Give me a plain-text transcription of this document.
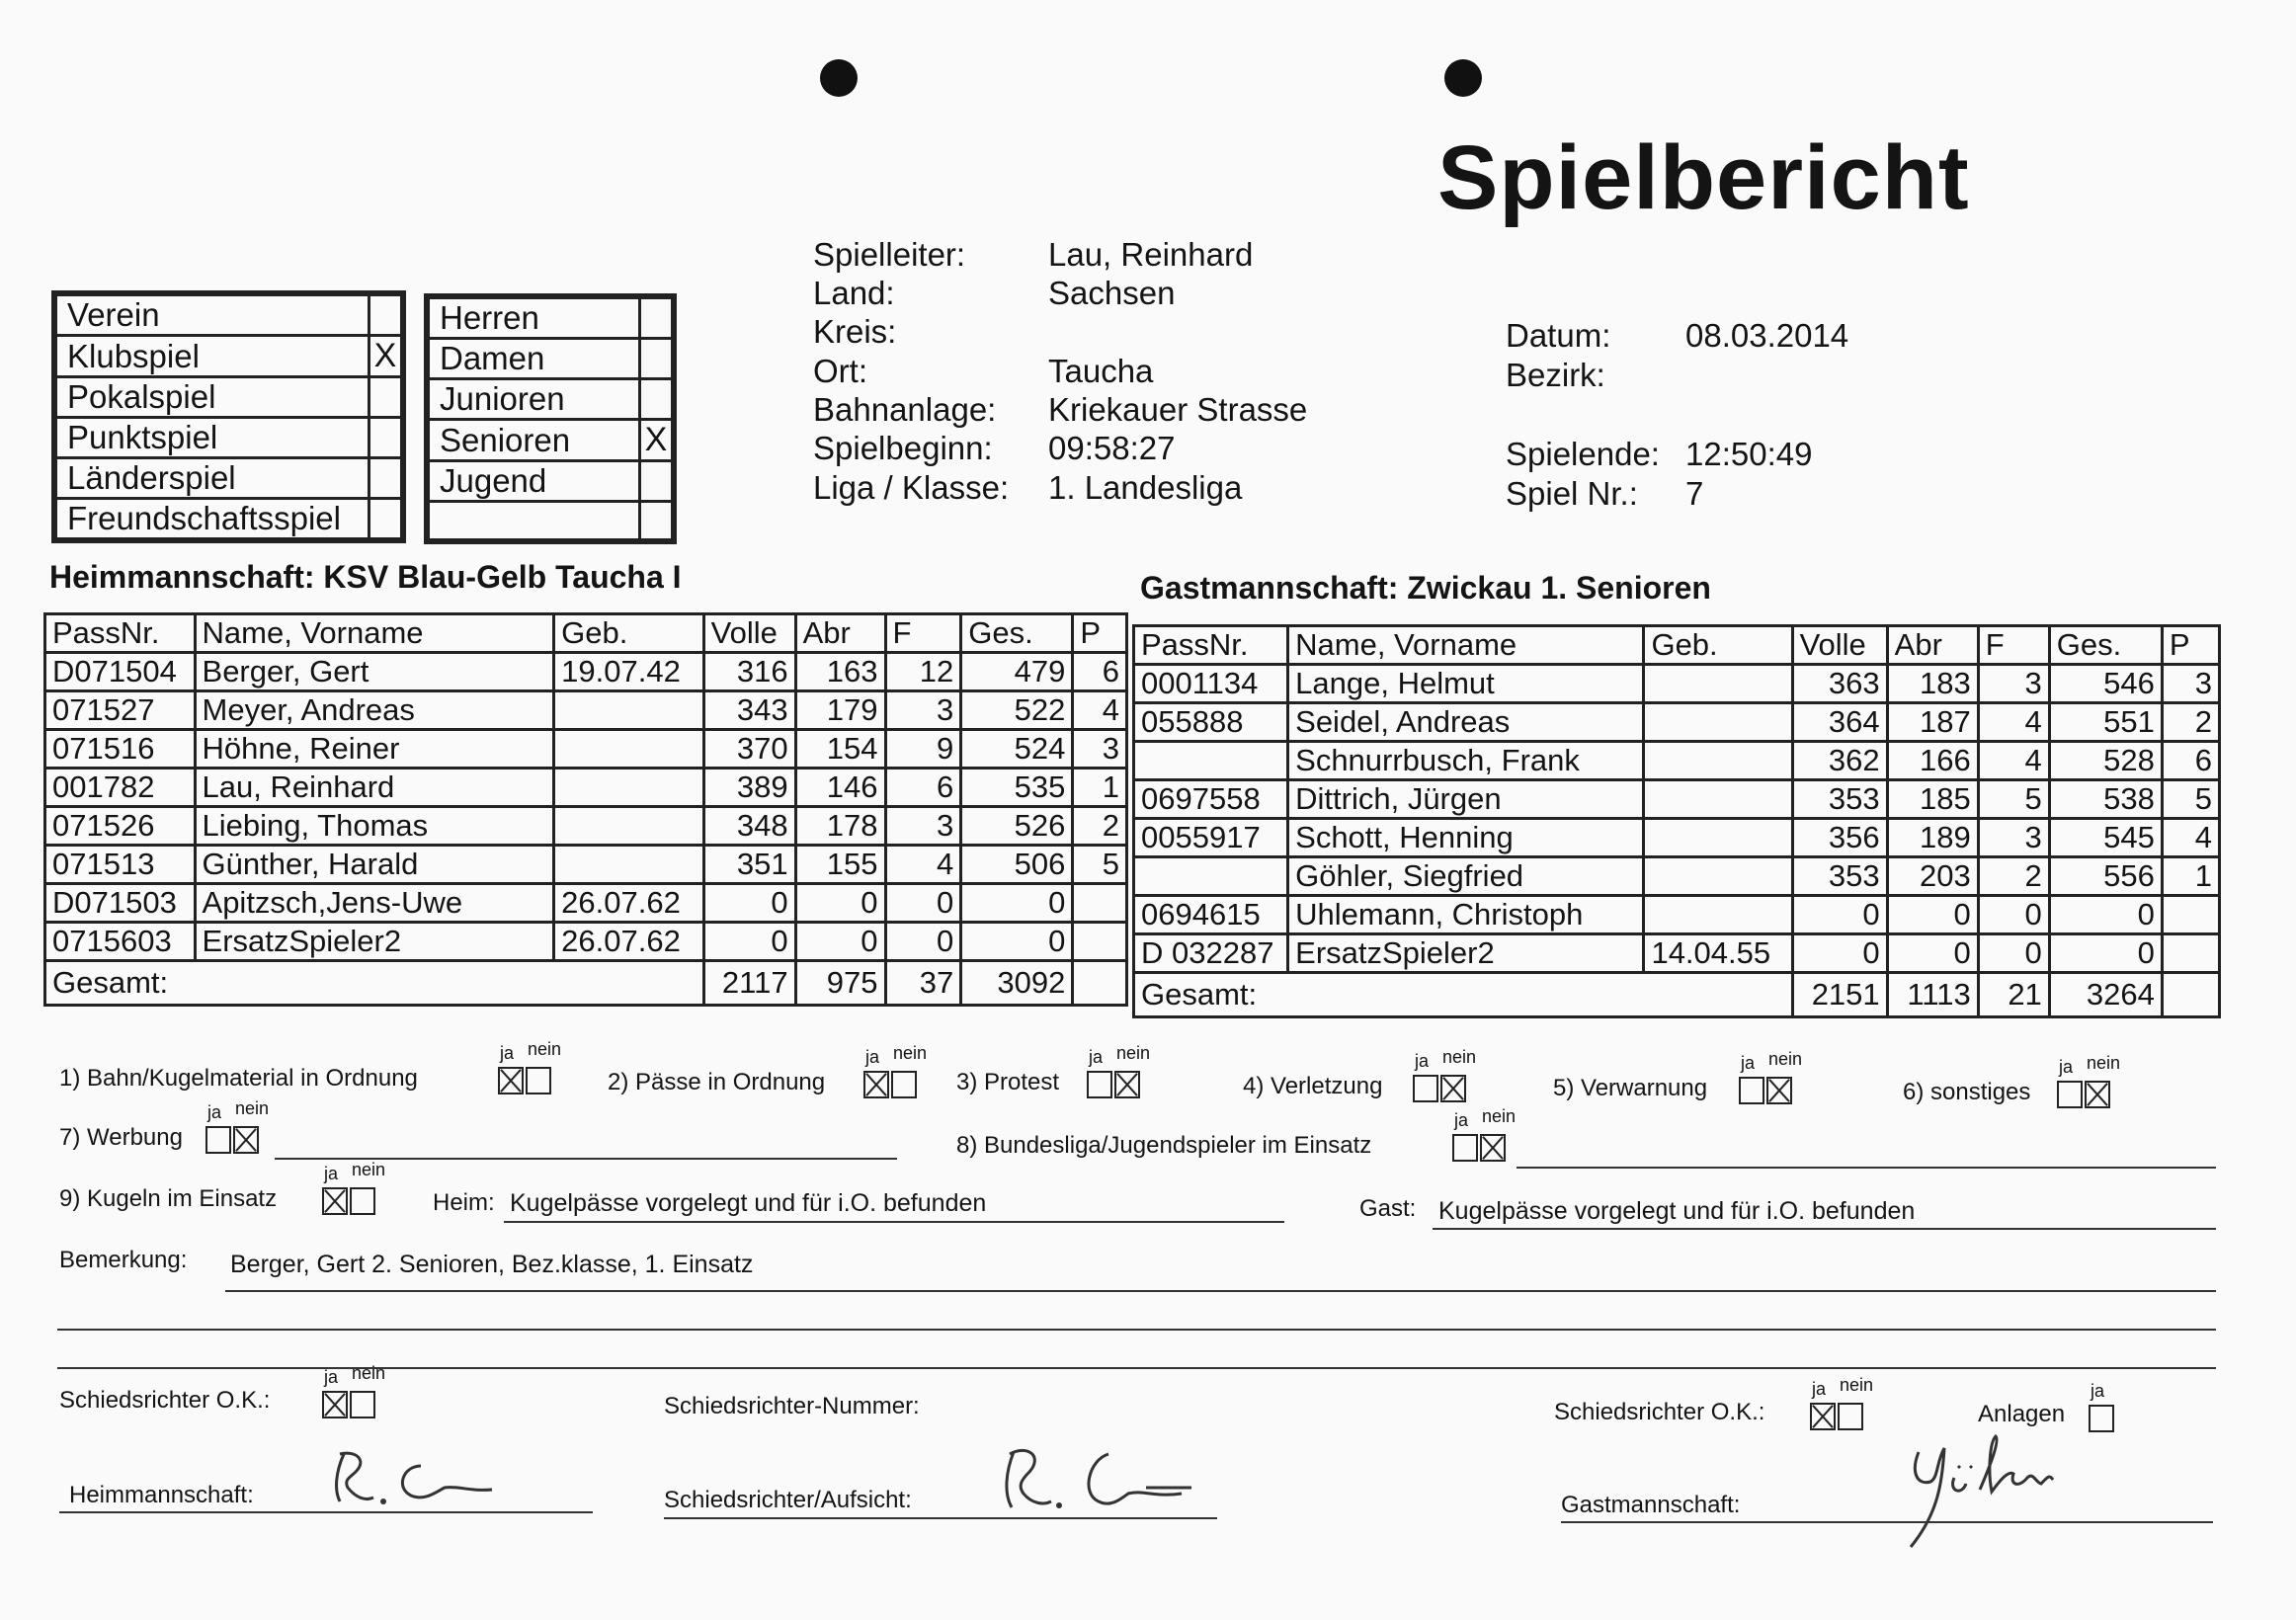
Spielbericht
Verein	
Klubspiel	X
Pokalspiel	
Punktspiel	
Länderspiel	
Freundschaftsspiel	
Herren	
Damen	
Junioren	
Senioren	X
Jugend	

Spielleiter:	Lau, Reinhard
Land:	Sachsen
Kreis:
Ort:	Taucha
Bahnanlage: Kriekauer Strasse
Spielbeginn: 09:58:27
Liga / Klasse: 1. Landesliga
Datum: 08.03.2014
Bezirk:
Spielende: 12:50:49
Spiel Nr.: 7
Heimmannschaft: KSV Blau-Gelb Taucha I	Gastmannschaft: Zwickau 1. Senioren
PassNr.	Name, Vorname	Geb.	Volle	Abr	F	Ges.	P
D071504	Berger, Gert	19.07.42	316	163	12	479	6
071527	Meyer, Andreas		343	179	3	522	4
071516	Höhne, Reiner		370	154	9	524	3
001782	Lau, Reinhard		389	146	6	535	1
071526	Liebing, Thomas		348	178	3	526	2
071513	Günther, Harald		351	155	4	506	5
D071503	Apitzsch,Jens-Uwe	26.07.62	0	0	0	0	
0715603	ErsatzSpieler2	26.07.62	0	0	0	0	
Gesamt:			2117	975	37	3092	
PassNr.	Name, Vorname	Geb.	Volle	Abr	F	Ges.	P
0001134	Lange, Helmut		363	183	3	546	3
055888	Seidel, Andreas		364	187	4	551	2
	Schnurrbusch, Frank		362	166	4	528	6
0697558	Dittrich, Jürgen		353	185	5	538	5
0055917	Schott, Henning		356	189	3	545	4
	Göhler, Siegfried		353	203	2	556	1
0694615	Uhlemann, Christoph		0	0	0	0	
D 032287	ErsatzSpieler2	14.04.55	0	0	0	0	
Gesamt:			2151	1113	21	3264	
1) Bahn/Kugelmaterial in Ordnung
ja nein
2) Pässe in Ordnung
ja nein
3) Protest
ja nein
4) Verletzung
ja nein
5) Verwarnung
ja nein
6) sonstiges
ja nein
7) Werbung
ja nein
8) Bundesliga/Jugendspieler im Einsatz
ja nein
9) Kugeln im Einsatz
ja nein
ja nein
ja nein	ja
Heim: Kugelpässe vorgelegt und für i.O. befunden	Gast: Kugelpässe vorgelegt und für i.O. befunden
Bemerkung: Berger, Gert 2. Senioren, Bez.klasse, 1. Einsatz
Schiedsrichter O.K.:	Schiedsrichter-Nummer:	Schiedsrichter O.K.:	Anlagen
Heimmannschaft:	Schiedsrichter/Aufsicht:	Gastmannschaft:
